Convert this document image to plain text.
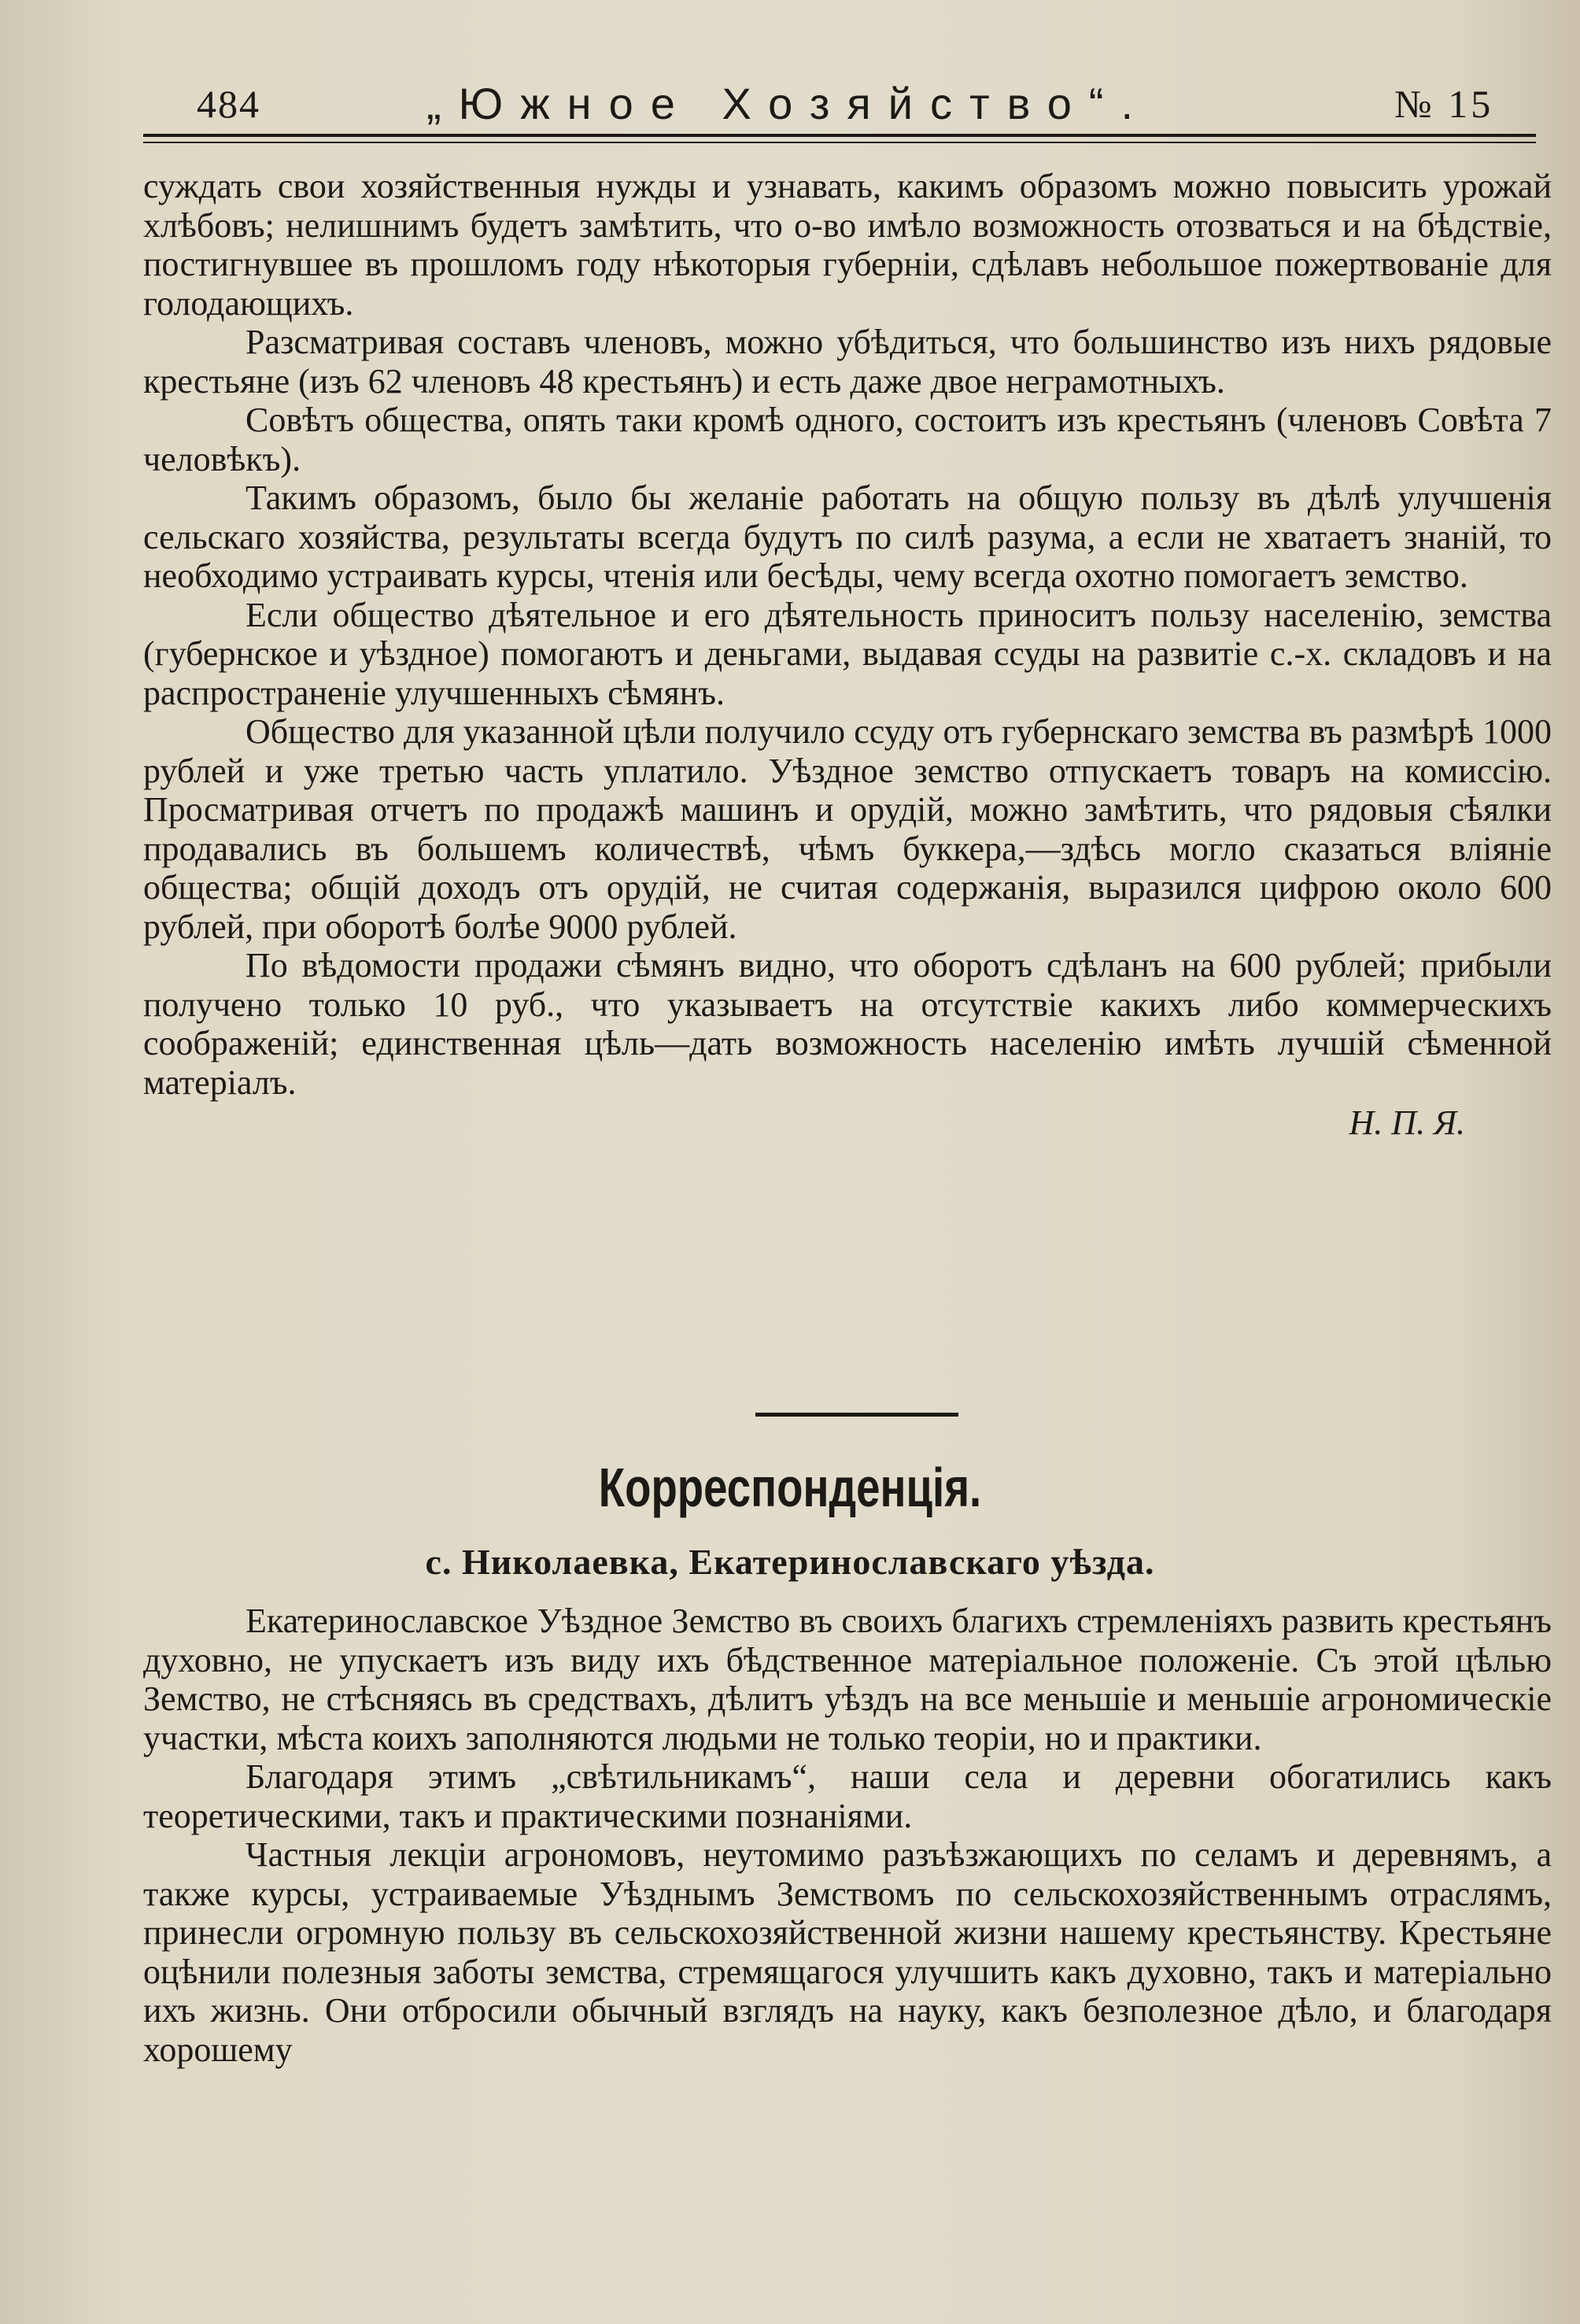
484	„Южное Хозяйство“.	№ 15

суждать свои хозяйственныя нужды и узнавать, какимъ образомъ можно повысить урожай хлѣбовъ; нелишнимъ будетъ замѣтить, что о-во имѣло возможность отозваться и на бѣдствіе, постигнувшее въ прошломъ году нѣкоторыя губерніи, сдѣлавъ небольшое пожертвованіе для голодающихъ.

Разсматривая составъ членовъ, можно убѣдиться, что большинство изъ нихъ рядовые крестьяне (изъ 62 членовъ 48 крестьянъ) и есть даже двое неграмотныхъ.

Совѣтъ общества, опять таки кромѣ одного, состоитъ изъ крестьянъ (членовъ Совѣта 7 человѣкъ).

Такимъ образомъ, было бы желаніе работать на общую пользу въ дѣлѣ улучшенія сельскаго хозяйства, результаты всегда будутъ по силѣ разума, а если не хватаетъ знаній, то необходимо устраивать курсы, чтенія или бесѣды, чему всегда охотно помогаетъ земство.

Если общество дѣятельное и его дѣятельность приноситъ пользу населенію, земства (губернское и уѣздное) помогаютъ и деньгами, выдавая ссуды на развитіе с.-х. складовъ и на распространеніе улучшенныхъ сѣмянъ.

Общество для указанной цѣли получило ссуду отъ губернскаго земства въ размѣрѣ 1000 рублей и уже третью часть уплатило. Уѣздное земство отпускаетъ товаръ на комиссію. Просматривая отчетъ по продажѣ машинъ и орудій, можно замѣтить, что рядовыя сѣялки продавались въ большемъ количествѣ, чѣмъ буккера,—здѣсь могло сказаться вліяніе общества; общій доходъ отъ орудій, не считая содержанія, выразился цифрою около 600 рублей, при оборотѣ болѣе 9000 рублей.

По вѣдомости продажи сѣмянъ видно, что оборотъ сдѣланъ на 600 рублей; прибыли получено только 10 руб., что указываетъ на отсутствіе какихъ либо коммерческихъ соображеній; единственная цѣль—дать возможность населенію имѣть лучшій сѣменной матеріалъ.

Н. П. Я.
Корреспонденція.
с. Николаевка, Екатеринославскаго уѣзда.

Екатеринославское Уѣздное Земство въ своихъ благихъ стремленіяхъ развить крестьянъ духовно, не упускаетъ изъ виду ихъ бѣдственное матеріальное положеніе. Съ этой цѣлью Земство, не стѣсняясь въ средствахъ, дѣлитъ уѣздъ на все меньшіе и меньшіе агрономическіе участки, мѣста коихъ заполняются людьми не только теоріи, но и практики.

Благодаря этимъ „свѣтильникамъ“, наши села и деревни обогатились какъ теоретическими, такъ и практическими познаніями.

Частныя лекціи агрономовъ, неутомимо разъѣзжающихъ по селамъ и деревнямъ, а также курсы, устраиваемые Уѣзднымъ Земствомъ по сельскохозяйственнымъ отраслямъ, принесли огромную пользу въ сельскохозяйственной жизни нашему крестьянству. Крестьяне оцѣнили полезныя заботы земства, стремящагося улучшить какъ духовно, такъ и матеріально ихъ жизнь. Они отбросили обычный взглядъ на науку, какъ безполезное дѣло, и благодаря хорошему
